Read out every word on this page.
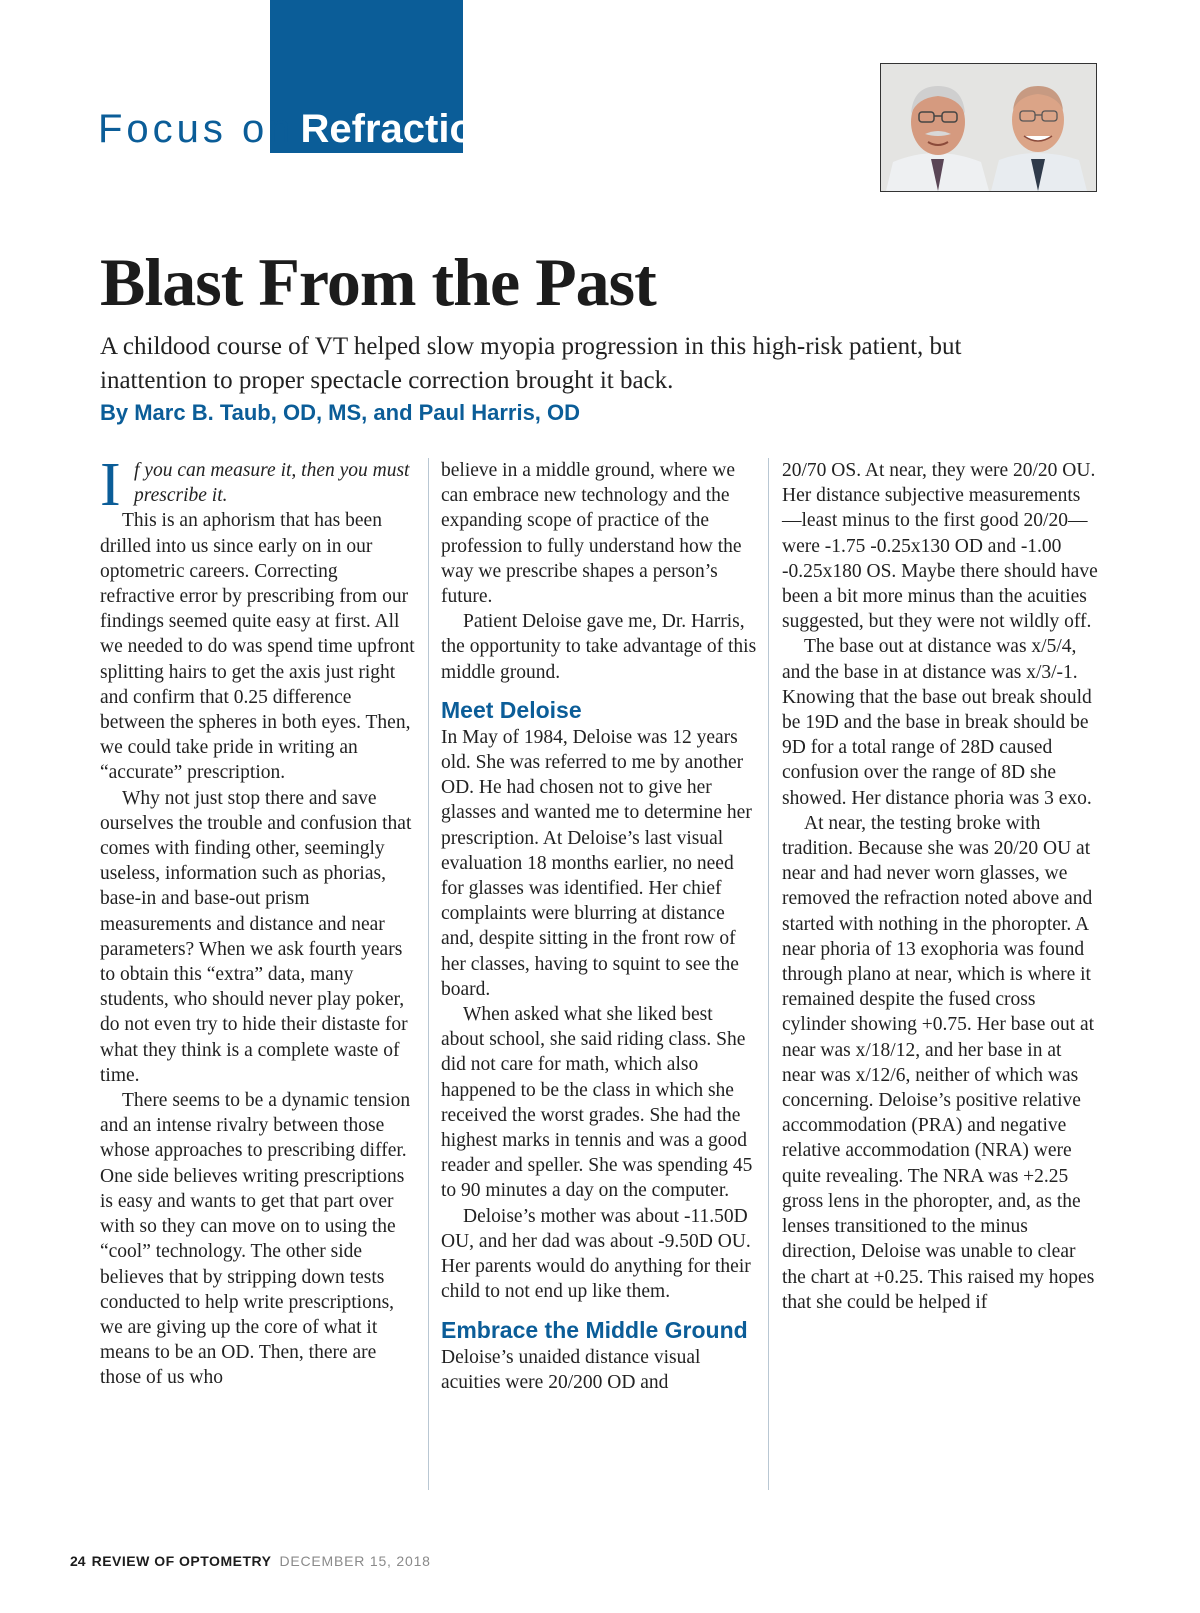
Focus on Refraction
Blast From the Past

A childood course of VT helped slow myopia progression in this high-risk patient, but inattention to proper spectacle correction brought it back.

By Marc B. Taub, OD, MS, and Paul Harris, OD

I f you can measure it, then you must prescribe it.

This is an aphorism that has been drilled into us since early on in our optometric careers. Correcting refractive error by prescribing from our findings seemed quite easy at first. All we needed to do was spend time upfront splitting hairs to get the axis just right and confirm that 0.25 difference between the spheres in both eyes. Then, we could take pride in writing an “accurate” prescription.

Why not just stop there and save ourselves the trouble and confusion that comes with finding other, seemingly useless, information such as phorias, base-in and base-out prism measurements and distance and near parameters? When we ask fourth years to obtain this “extra” data, many students, who should never play poker, do not even try to hide their distaste for what they think is a complete waste of time.

There seems to be a dynamic tension and an intense rivalry between those whose approaches to prescribing differ. One side believes writing prescriptions is easy and wants to get that part over with so they can move on to using the “cool” technology. The other side believes that by stripping down tests conducted to help write prescriptions, we are giving up the core of what it means to be an OD. Then, there are those of us who

believe in a middle ground, where we can embrace new technology and the expanding scope of practice of the profession to fully understand how the way we prescribe shapes a person’s future.

Patient Deloise gave me, Dr. Harris, the opportunity to take advantage of this middle ground.

Meet Deloise

In May of 1984, Deloise was 12 years old. She was referred to me by another OD. He had chosen not to give her glasses and wanted me to determine her prescription. At Deloise’s last visual evaluation 18 months earlier, no need for glasses was identified. Her chief complaints were blurring at distance and, despite sitting in the front row of her classes, having to squint to see the board.

When asked what she liked best about school, she said riding class. She did not care for math, which also happened to be the class in which she received the worst grades. She had the highest marks in tennis and was a good reader and speller. She was spending 45 to 90 minutes a day on the computer.

Deloise’s mother was about -11.50D OU, and her dad was about -9.50D OU. Her parents would do anything for their child to not end up like them.

Embrace the Middle Ground

Deloise’s unaided distance visual acuities were 20/200 OD and

20/70 OS. At near, they were 20/20 OU. Her distance subjective measurements—least minus to the first good 20/20—were -1.75 -0.25x130 OD and -1.00 -0.25x180 OS. Maybe there should have been a bit more minus than the acuities suggested, but they were not wildly off.

The base out at distance was x/5/4, and the base in at distance was x/3/-1. Knowing that the base out break should be 19D and the base in break should be 9D for a total range of 28D caused confusion over the range of 8D she showed. Her distance phoria was 3 exo.

At near, the testing broke with tradition. Because she was 20/20 OU at near and had never worn glasses, we removed the refraction noted above and started with nothing in the phoropter. A near phoria of 13 exophoria was found through plano at near, which is where it remained despite the fused cross cylinder showing +0.75. Her base out at near was x/18/12, and her base in at near was x/12/6, neither of which was concerning. Deloise’s positive relative accommodation (PRA) and negative relative accommodation (NRA) were quite revealing. The NRA was +2.25 gross lens in the phoropter, and, as the lenses transitioned to the minus direction, Deloise was unable to clear the chart at +0.25. This raised my hopes that she could be helped if

24 REVIEW OF OPTOMETRY DECEMBER 15, 2018
